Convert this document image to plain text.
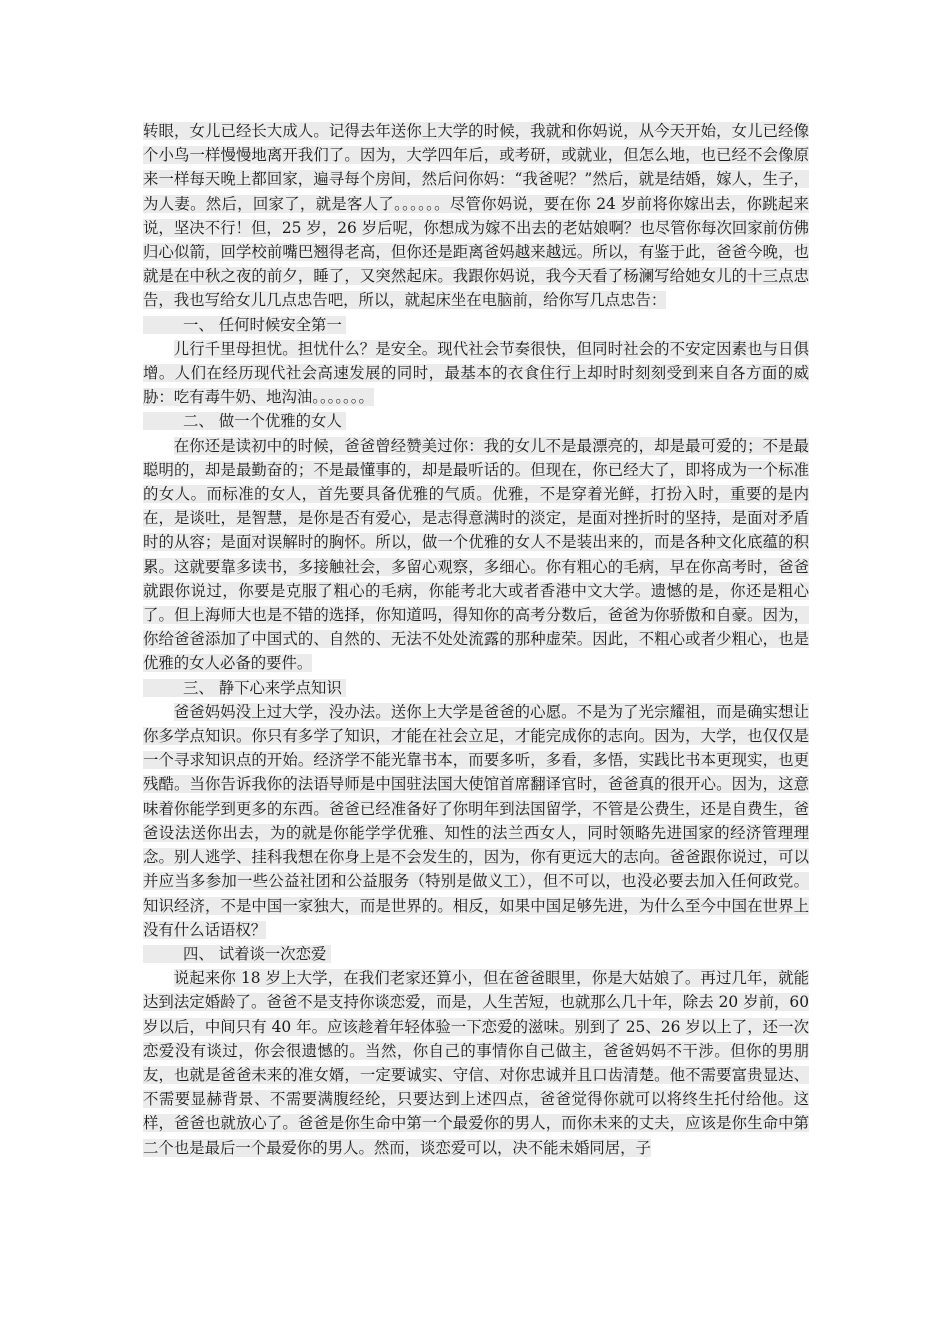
转眼，女儿已经长大成人。记得去年送你上大学的时候，我就和你妈说，从今天开始，女儿已经像个小鸟一样慢慢地离开我们了。因为，大学四年后，或考研，或就业，但怎么地，也已经不会像原来一样每天晚上都回家，遍寻每个房间，然后问你妈：“我爸呢？”然后，就是结婚，嫁人，生子，为人妻。然后，回家了，就是客人了。。。。。。尽管你妈说，要在你 24 岁前将你嫁出去，你跳起来说，坚决不行！但，25 岁，26 岁后呢，你想成为嫁不出去的老姑娘啊？也尽管你每次回家前仿佛归心似箭，回学校前嘴巴翘得老高，但你还是距离爸妈越来越远。所以，有鉴于此，爸爸今晚，也就是在中秋之夜的前夕，睡了，又突然起床。我跟你妈说，我今天看了杨澜写给她女儿的十三点忠告，我也写给女儿几点忠告吧，所以，就起床坐在电脑前，给你写几点忠告：

一、 任何时候安全第一

儿行千里母担忧。担忧什么？是安全。现代社会节奏很快，但同时社会的不安定因素也与日俱增。人们在经历现代社会高速发展的同时，最基本的衣食住行上却时时刻刻受到来自各方面的威胁：吃有毒牛奶、地沟油。。。。。。。

二、 做一个优雅的女人

在你还是读初中的时候，爸爸曾经赞美过你：我的女儿不是最漂亮的，却是最可爱的；不是最聪明的，却是最勤奋的；不是最懂事的，却是最听话的。但现在，你已经大了，即将成为一个标准的女人。而标准的女人，首先要具备优雅的气质。优雅，不是穿着光鲜，打扮入时，重要的是内在，是谈吐，是智慧，是你是否有爱心，是志得意满时的淡定，是面对挫折时的坚持，是面对矛盾时的从容；是面对误解时的胸怀。所以，做一个优雅的女人不是装出来的，而是各种文化底蕴的积累。这就要靠多读书，多接触社会，多留心观察，多细心。你有粗心的毛病，早在你高考时，爸爸就跟你说过，你要是克服了粗心的毛病，你能考北大或者香港中文大学。遗憾的是，你还是粗心了。但上海师大也是不错的选择，你知道吗，得知你的高考分数后，爸爸为你骄傲和自豪。因为，你给爸爸添加了中国式的、自然的、无法不处处流露的那种虚荣。因此，不粗心或者少粗心，也是优雅的女人必备的要件。

三、 静下心来学点知识

爸爸妈妈没上过大学，没办法。送你上大学是爸爸的心愿。不是为了光宗耀祖，而是确实想让你多学点知识。你只有多学了知识，才能在社会立足，才能完成你的志向。因为，大学，也仅仅是一个寻求知识点的开始。经济学不能光靠书本，而要多听，多看，多悟，实践比书本更现实，也更残酷。当你告诉我你的法语导师是中国驻法国大使馆首席翻译官时，爸爸真的很开心。因为，这意味着你能学到更多的东西。爸爸已经准备好了你明年到法国留学，不管是公费生，还是自费生，爸爸设法送你出去，为的就是你能学学优雅、知性的法兰西女人，同时领略先进国家的经济管理理念。别人逃学、挂科我想在你身上是不会发生的，因为，你有更远大的志向。爸爸跟你说过，可以并应当多参加一些公益社团和公益服务（特别是做义工），但不可以，也没必要去加入任何政党。知识经济，不是中国一家独大，而是世界的。相反，如果中国足够先进，为什么至今中国在世界上没有什么话语权？

四、 试着谈一次恋爱

说起来你 18 岁上大学，在我们老家还算小，但在爸爸眼里，你是大姑娘了。再过几年，就能达到法定婚龄了。爸爸不是支持你谈恋爱，而是，人生苦短，也就那么几十年，除去 20 岁前，60 岁以后，中间只有 40 年。应该趁着年轻体验一下恋爱的滋味。别到了 25、26 岁以上了，还一次恋爱没有谈过，你会很遗憾的。当然，你自己的事情你自己做主，爸爸妈妈不干涉。但你的男朋友，也就是爸爸未来的准女婿，一定要诚实、守信、对你忠诚并且口齿清楚。他不需要富贵显达、不需要显赫背景、不需要满腹经纶，只要达到上述四点，爸爸觉得你就可以将终生托付给他。这样，爸爸也就放心了。爸爸是你生命中第一个最爱你的男人，而你未来的丈夫，应该是你生命中第二个也是最后一个最爱你的男人。然而，谈恋爱可以，决不能未婚同居，子
